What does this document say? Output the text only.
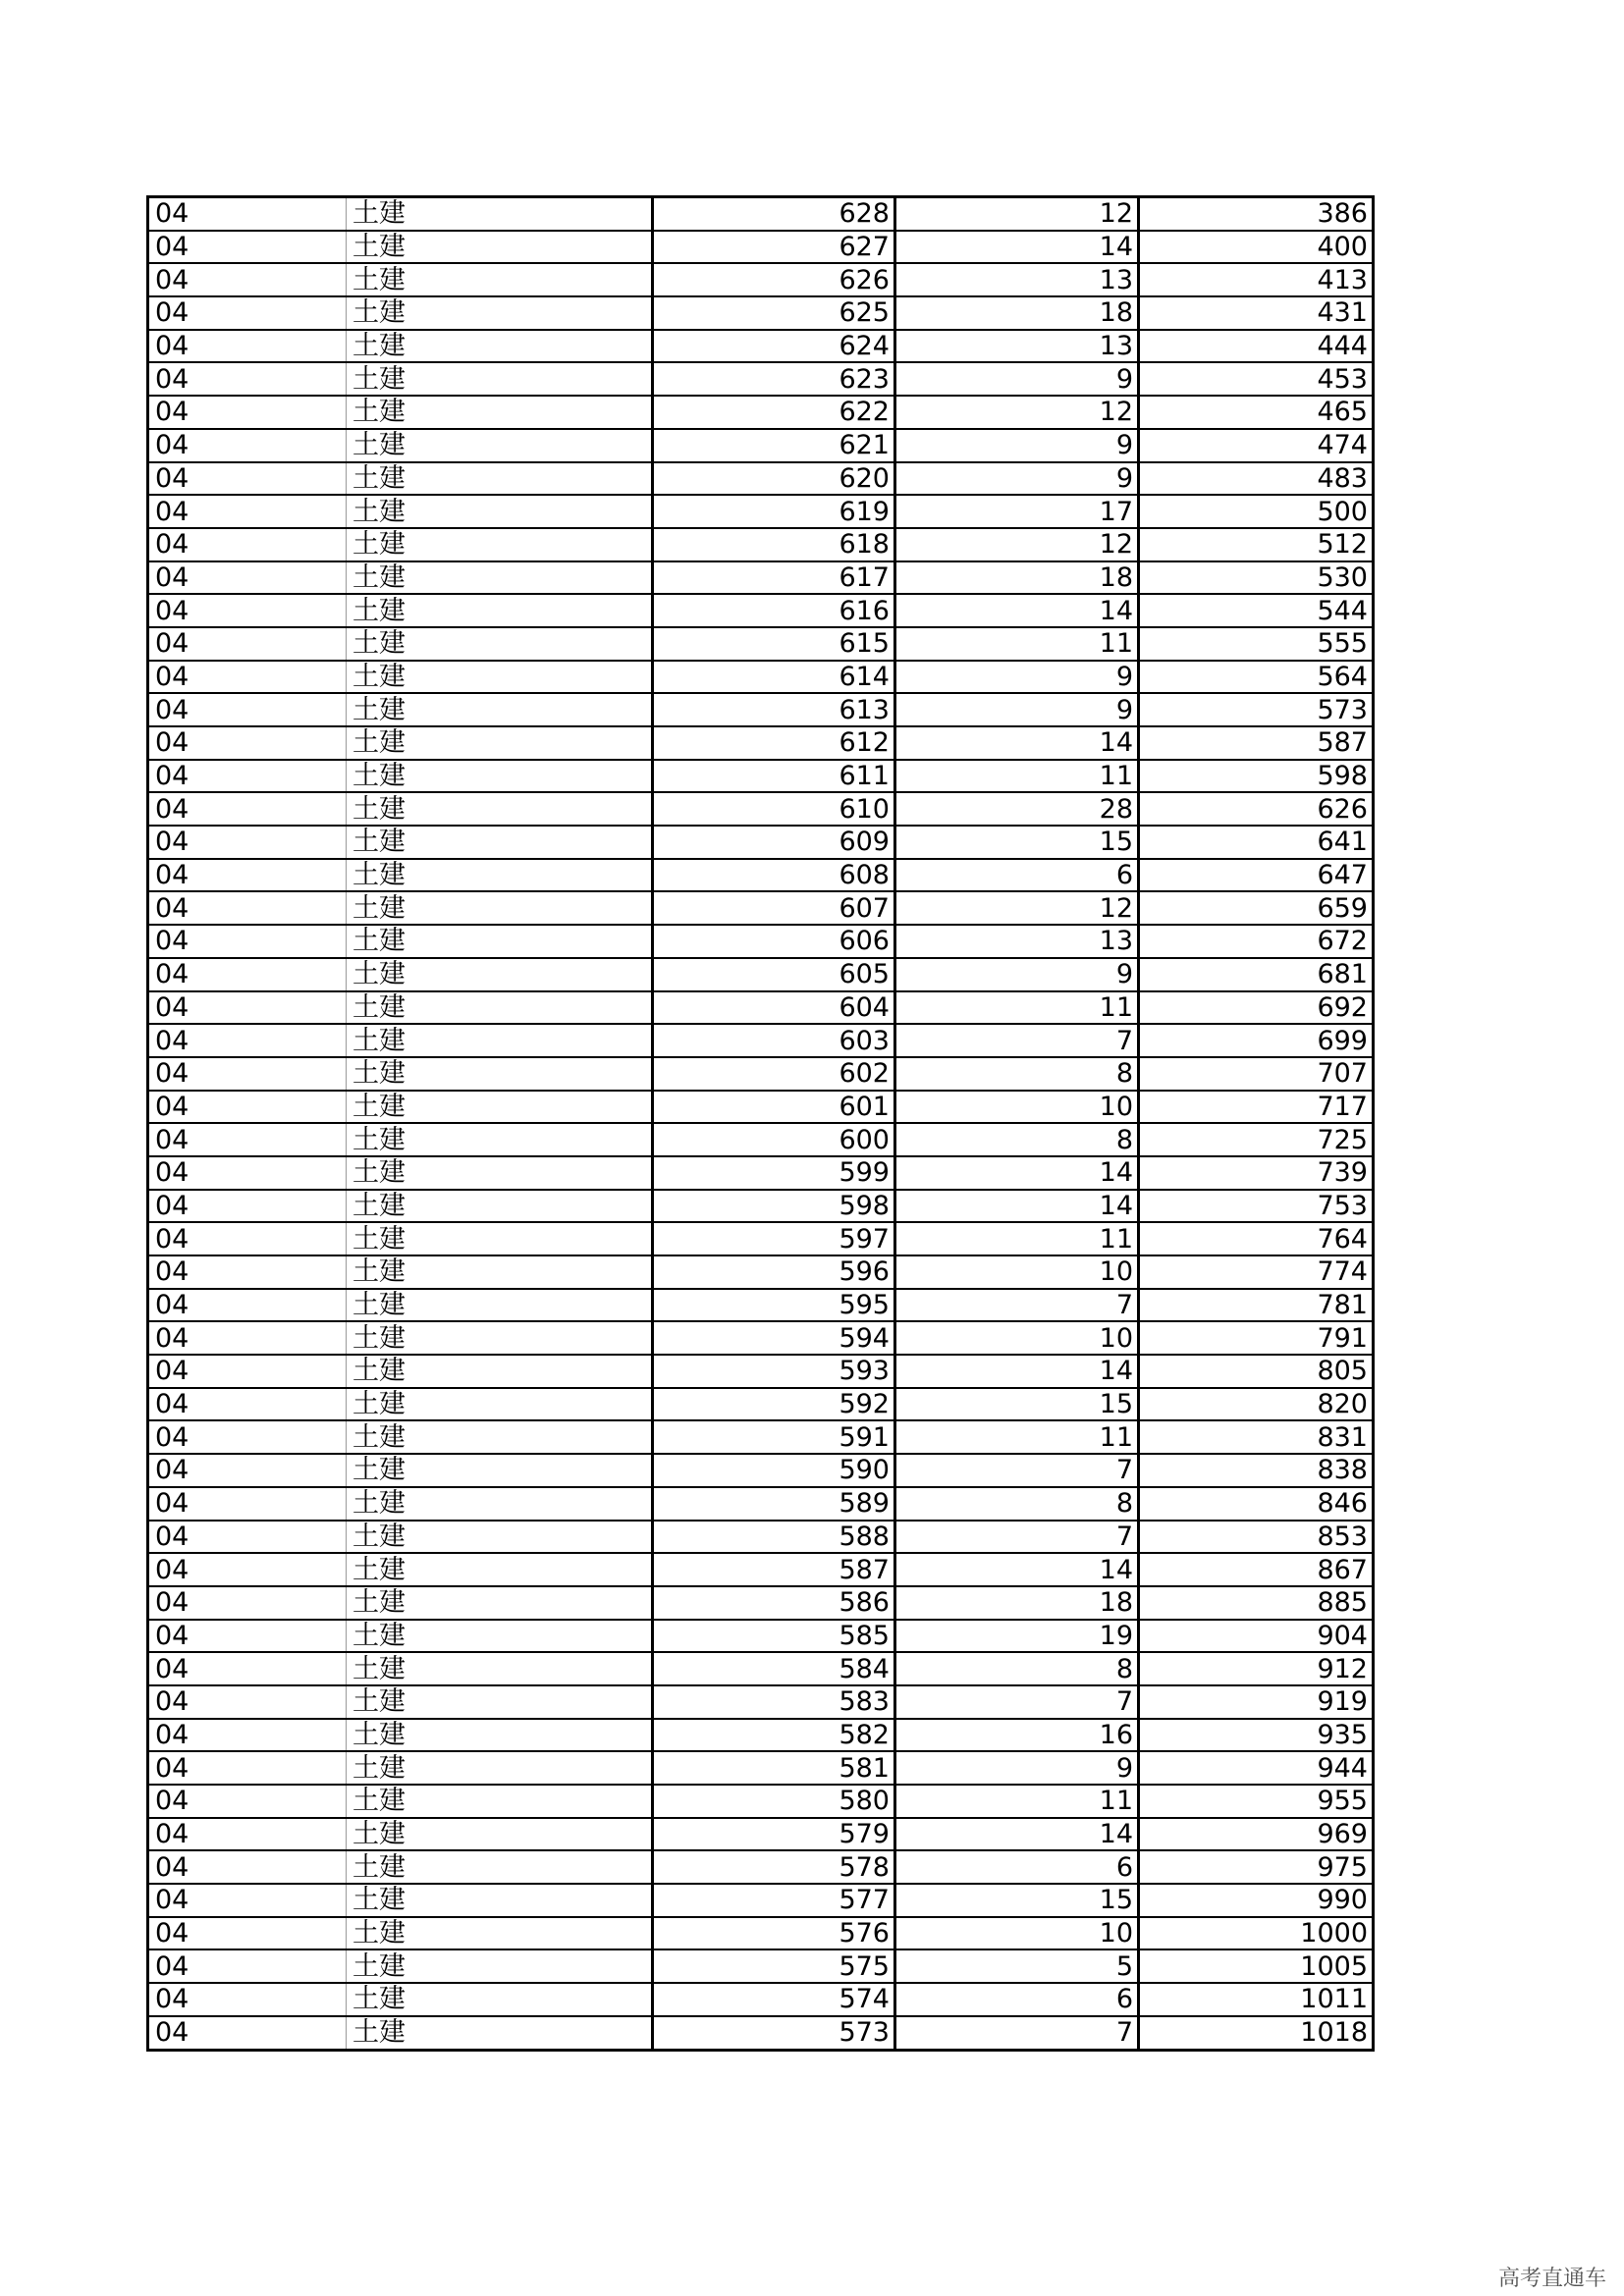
04	土建	628	12	386
04	土建	627	14	400
04	土建	626	13	413
04	土建	625	18	431
04	土建	624	13	444
04	土建	623	9	453
04	土建	622	12	465
04	土建	621	9	474
04	土建	620	9	483
04	土建	619	17	500
04	土建	618	12	512
04	土建	617	18	530
04	土建	616	14	544
04	土建	615	11	555
04	土建	614	9	564
04	土建	613	9	573
04	土建	612	14	587
04	土建	611	11	598
04	土建	610	28	626
04	土建	609	15	641
04	土建	608	6	647
04	土建	607	12	659
04	土建	606	13	672
04	土建	605	9	681
04	土建	604	11	692
04	土建	603	7	699
04	土建	602	8	707
04	土建	601	10	717
04	土建	600	8	725
04	土建	599	14	739
04	土建	598	14	753
04	土建	597	11	764
04	土建	596	10	774
04	土建	595	7	781
04	土建	594	10	791
04	土建	593	14	805
04	土建	592	15	820
04	土建	591	11	831
04	土建	590	7	838
04	土建	589	8	846
04	土建	588	7	853
04	土建	587	14	867
04	土建	586	18	885
04	土建	585	19	904
04	土建	584	8	912
04	土建	583	7	919
04	土建	582	16	935
04	土建	581	9	944
04	土建	580	11	955
04	土建	579	14	969
04	土建	578	6	975
04	土建	577	15	990
04	土建	576	10	1000
04	土建	575	5	1005
04	土建	574	6	1011
04	土建	573	7	1018
高考直通车
